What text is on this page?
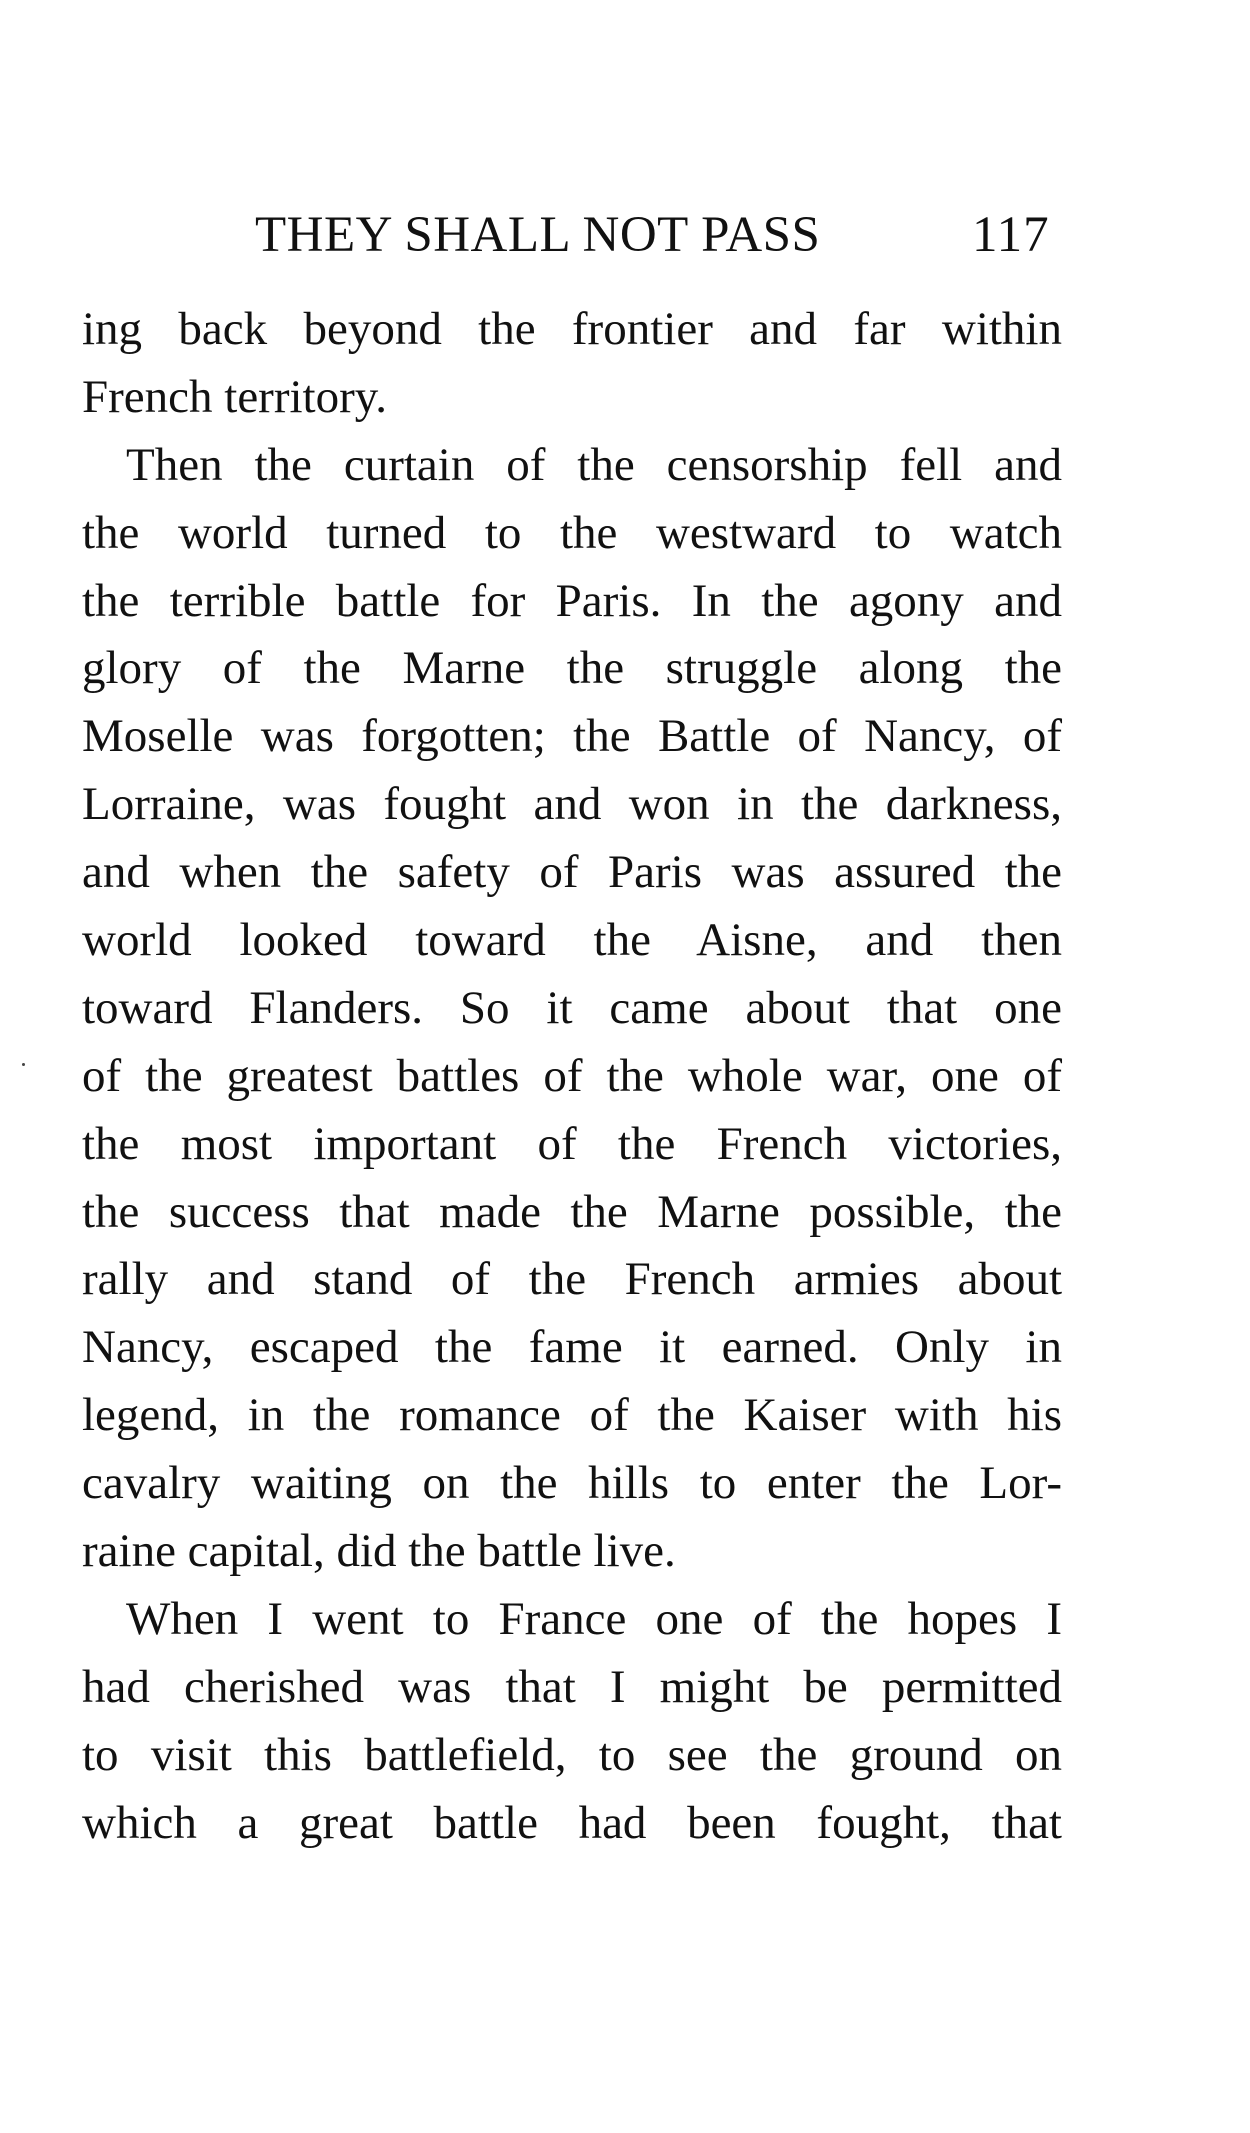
THEY SHALL NOT PASS	117
ing back beyond the frontier and far within
French territory.
Then the curtain of the censorship fell and
the world turned to the westward to watch
the terrible battle for Paris. In the agony and
glory of the Marne the struggle along the
Moselle was forgotten; the Battle of Nancy, of
Lorraine, was fought and won in the darkness,
and when the safety of Paris was assured the
world looked toward the Aisne, and then
toward Flanders. So it came about that one
of the greatest battles of the whole war, one of
the most important of the French victories,
the success that made the Marne possible, the
rally and stand of the French armies about
Nancy, escaped the fame it earned. Only in
legend, in the romance of the Kaiser with his
cavalry waiting on the hills to enter the Lor-
raine capital, did the battle live.
When I went to France one of the hopes I
had cherished was that I might be permitted
to visit this battlefield, to see the ground on
which a great battle had been fought, that
